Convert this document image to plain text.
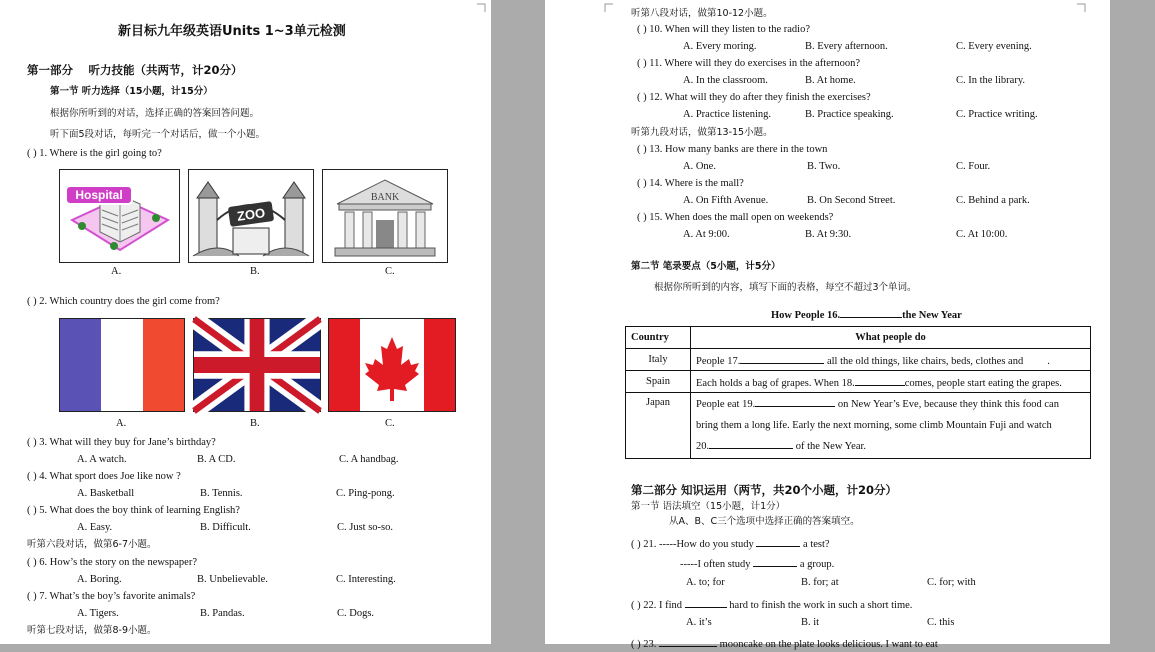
新目标九年级英语Units 1~3单元检测
第一部分　 听力技能（共两节，计20分）
第一节 听力选择（15小题，计15分）
根据你所听到的对话，选择正确的答案回答问题。
听下面5段对话，每听完一个对话后，做一个小题。
( ) 1. Where is the girl going to?
Hospital
ZOO
BANK
A.	B.	C.
( ) 2. Which country does the girl come from?
A.	B.	C.
( ) 3. What will they buy for Jane’s birthday?
A. A watch.	B. A CD.	C. A handbag.
( ) 4. What sport does Joe like now ?
A. Basketball	B. Tennis.	C. Ping-pong.
( ) 5. What does the boy think of learning English?
A. Easy.	B. Difficult.	C. Just so-so.
听第六段对话，做第6-7小题。
( ) 6. How’s the story on the newspaper?
A. Boring.	B. Unbelievable.	C. Interesting.
( ) 7. What’s the boy’s favorite animals?
A. Tigers.	B. Pandas.	C. Dogs.
听第七段对话，做第8-9小题。
听第八段对话，做第10-12小题。
( ) 10. When will they listen to the radio?
A. Every moring.	B. Every afternoon.	C. Every evening.
( ) 11. Where will they do exercises in the afternoon?
A. In the classroom.	B. At home.	C. In the library.
( ) 12. What will they do after they finish the exercises?
A. Practice listening.	B. Practice speaking.	C. Practice writing.
听第九段对话，做第13-15小题。
( ) 13. How many banks are there in the town
A. One.	B. Two.	C. Four.
( ) 14. Where is the mall?
A. On Fifth Avenue.	B. On Second Street.	C. Behind a park.
( ) 15. When does the mall open on weekends?
A. At 9:00.	B. At 9:30.	C. At 10:00.
第二节 笔录要点（5小题，计5分）
根据你所听到的内容，填写下面的表格，每空不超过3个单词。
How People 16.	the New Year
Country	What people do
Italy	People 17. all the old things, like chairs, beds, clothes and .
Spain	Each holds a bag of grapes. When 18. comes, people start eating the grapes.
Japan	People eat 19. on New Year’s Eve, because they think this food can
bring them a long life. Early the next morning, some climb Mountain Fuji and watch
20. of the New Year.
第二部分 知识运用（两节，共20个小题，计20分）
第一节 语法填空（15小题，计1分）
从A、B、C三个选项中选择正确的答案填空。
( ) 21. -----How do you study	a test?
-----I often study	a group.
A. to; for	B. for; at	C. for; with
( ) 22. I find	hard to finish the work in such a short time.
A. it’s	B. it	C. this
( ) 23.	mooncake on the plate looks delicious. I want to eat
